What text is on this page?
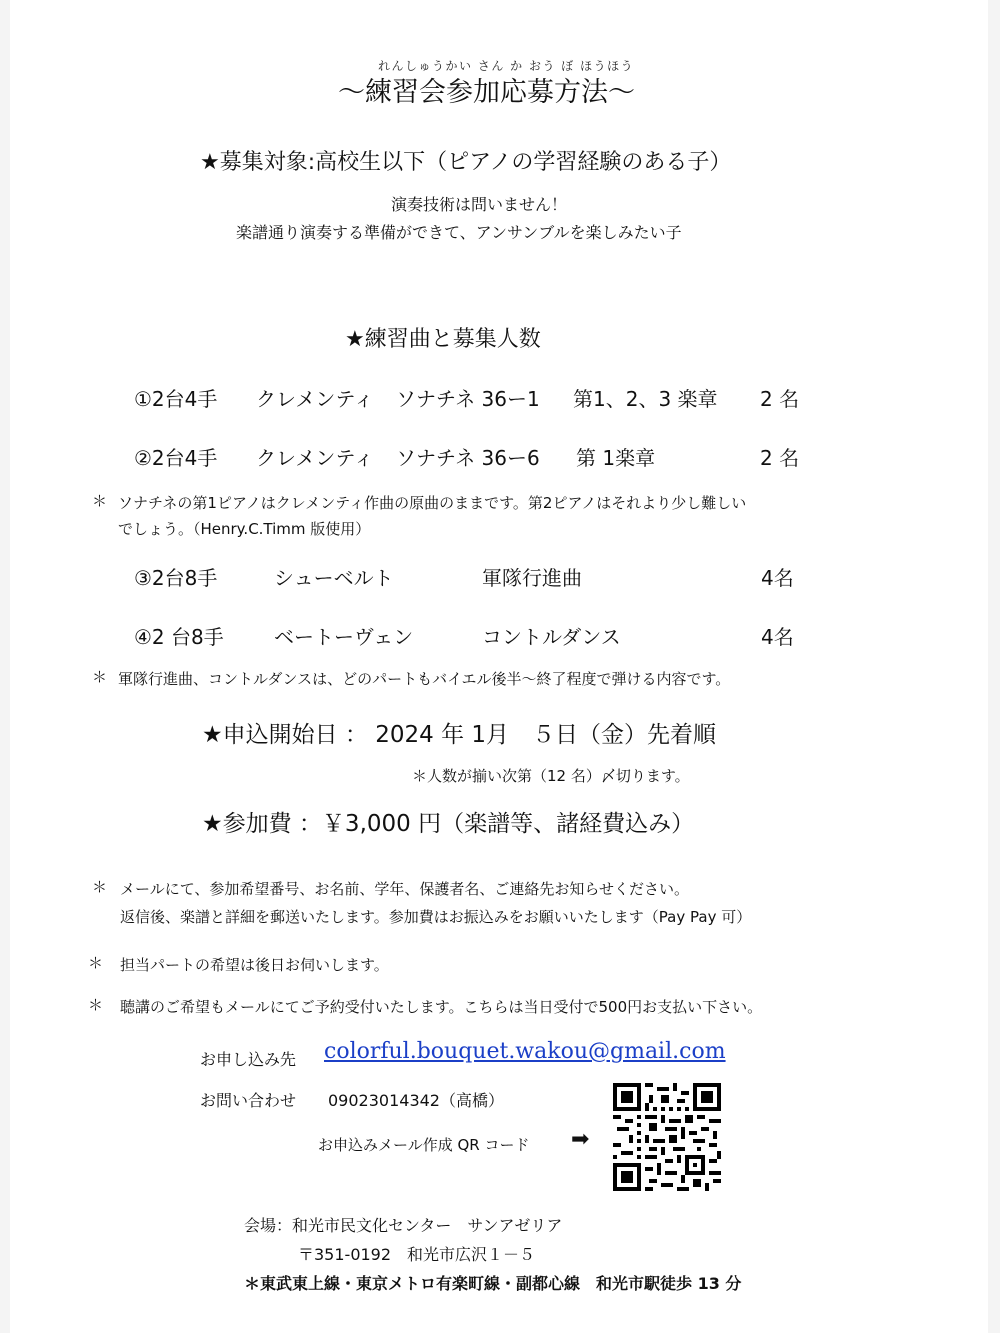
れんしゅうかい さん か おう ぼ ほうほう
～練習会参加応募方法～
★募集対象:高校生以下（ピアノの学習経験のある子）
演奏技術は問いません！
楽譜通り演奏する準備ができて、アンサンブルを楽しみたい子
★練習曲と募集人数
①2台4手 クレメンティ ソナチネ 36ー1 第1、2、3 楽章 2 名
②2台4手 クレメンティ ソナチネ 36ー6 第 1楽章	2 名
＊ ソナチネの第1ピアノはクレメンティ作曲の原曲のままです。第2ピアノはそれより少し難しい
でしょう。（Henry.C.Timm 版使用）
③2台8手	シューベルト	軍隊行進曲	4名
④2 台8手	ベートーヴェン	コントルダンス	4名
＊ 軍隊行進曲、コントルダンスは、どのパートもバイエル後半～終了程度で弾ける内容です。
★申込開始日 ： 2024 年 1月　５日（金）先着順
＊人数が揃い次第（12 名）〆切ります。
★参加費 ：￥3,000 円（楽譜等、諸経費込み）
＊ メールにて、参加希望番号、お名前、学年、保護者名、ご連絡先お知らせください。
返信後、楽譜と詳細を郵送いたします。参加費はお振込みをお願いいたします（Pay Pay 可）
＊ 担当パートの希望は後日お伺いします。
＊ 聴講のご希望もメールにてご予約受付いたします。こちらは当日受付で500円お支払い下さい。
お申し込み先 colorful.bouquet.wakou@gmail.com
お問い合わせ 09023014342（高橋）
お申込みメール作成 QR コード ➡
会場：和光市民文化センター　サンアゼリア
〒351-0192　和光市広沢１－５
＊東武東上線・東京メトロ有楽町線・副都心線　和光市駅徒歩 13 分
